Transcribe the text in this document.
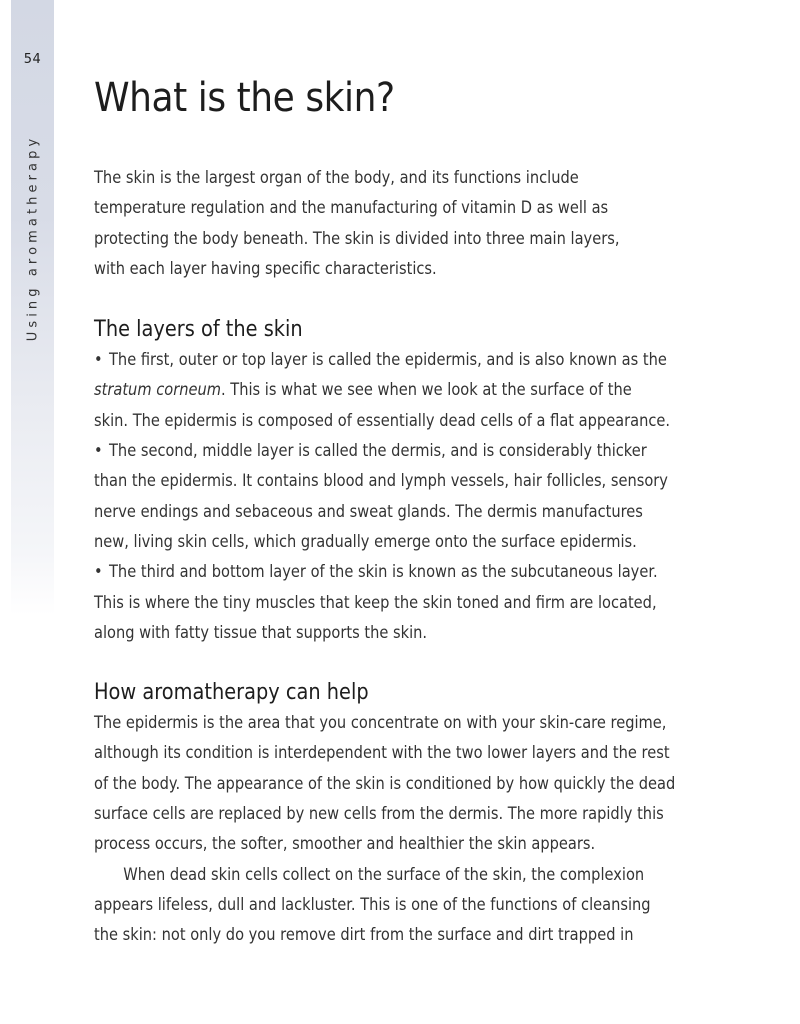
54
Using aromatherapy
What is the skin?

The skin is the largest organ of the body, and its functions include
temperature regulation and the manufacturing of vitamin D as well as
protecting the body beneath. The skin is divided into three main layers,
with each layer having specific characteristics.

The layers of the skin

• The first, outer or top layer is called the epidermis, and is also known as the
stratum corneum. This is what we see when we look at the surface of the
skin. The epidermis is composed of essentially dead cells of a flat appearance.
• The second, middle layer is called the dermis, and is considerably thicker
than the epidermis. It contains blood and lymph vessels, hair follicles, sensory
nerve endings and sebaceous and sweat glands. The dermis manufactures
new, living skin cells, which gradually emerge onto the surface epidermis.
• The third and bottom layer of the skin is known as the subcutaneous layer.
This is where the tiny muscles that keep the skin toned and firm are located,
along with fatty tissue that supports the skin.

How aromatherapy can help

The epidermis is the area that you concentrate on with your skin-care regime,
although its condition is interdependent with the two lower layers and the rest
of the body. The appearance of the skin is conditioned by how quickly the dead
surface cells are replaced by new cells from the dermis. The more rapidly this
process occurs, the softer, smoother and healthier the skin appears.

When dead skin cells collect on the surface of the skin, the complexion
appears lifeless, dull and lackluster. This is one of the functions of cleansing
the skin: not only do you remove dirt from the surface and dirt trapped in
